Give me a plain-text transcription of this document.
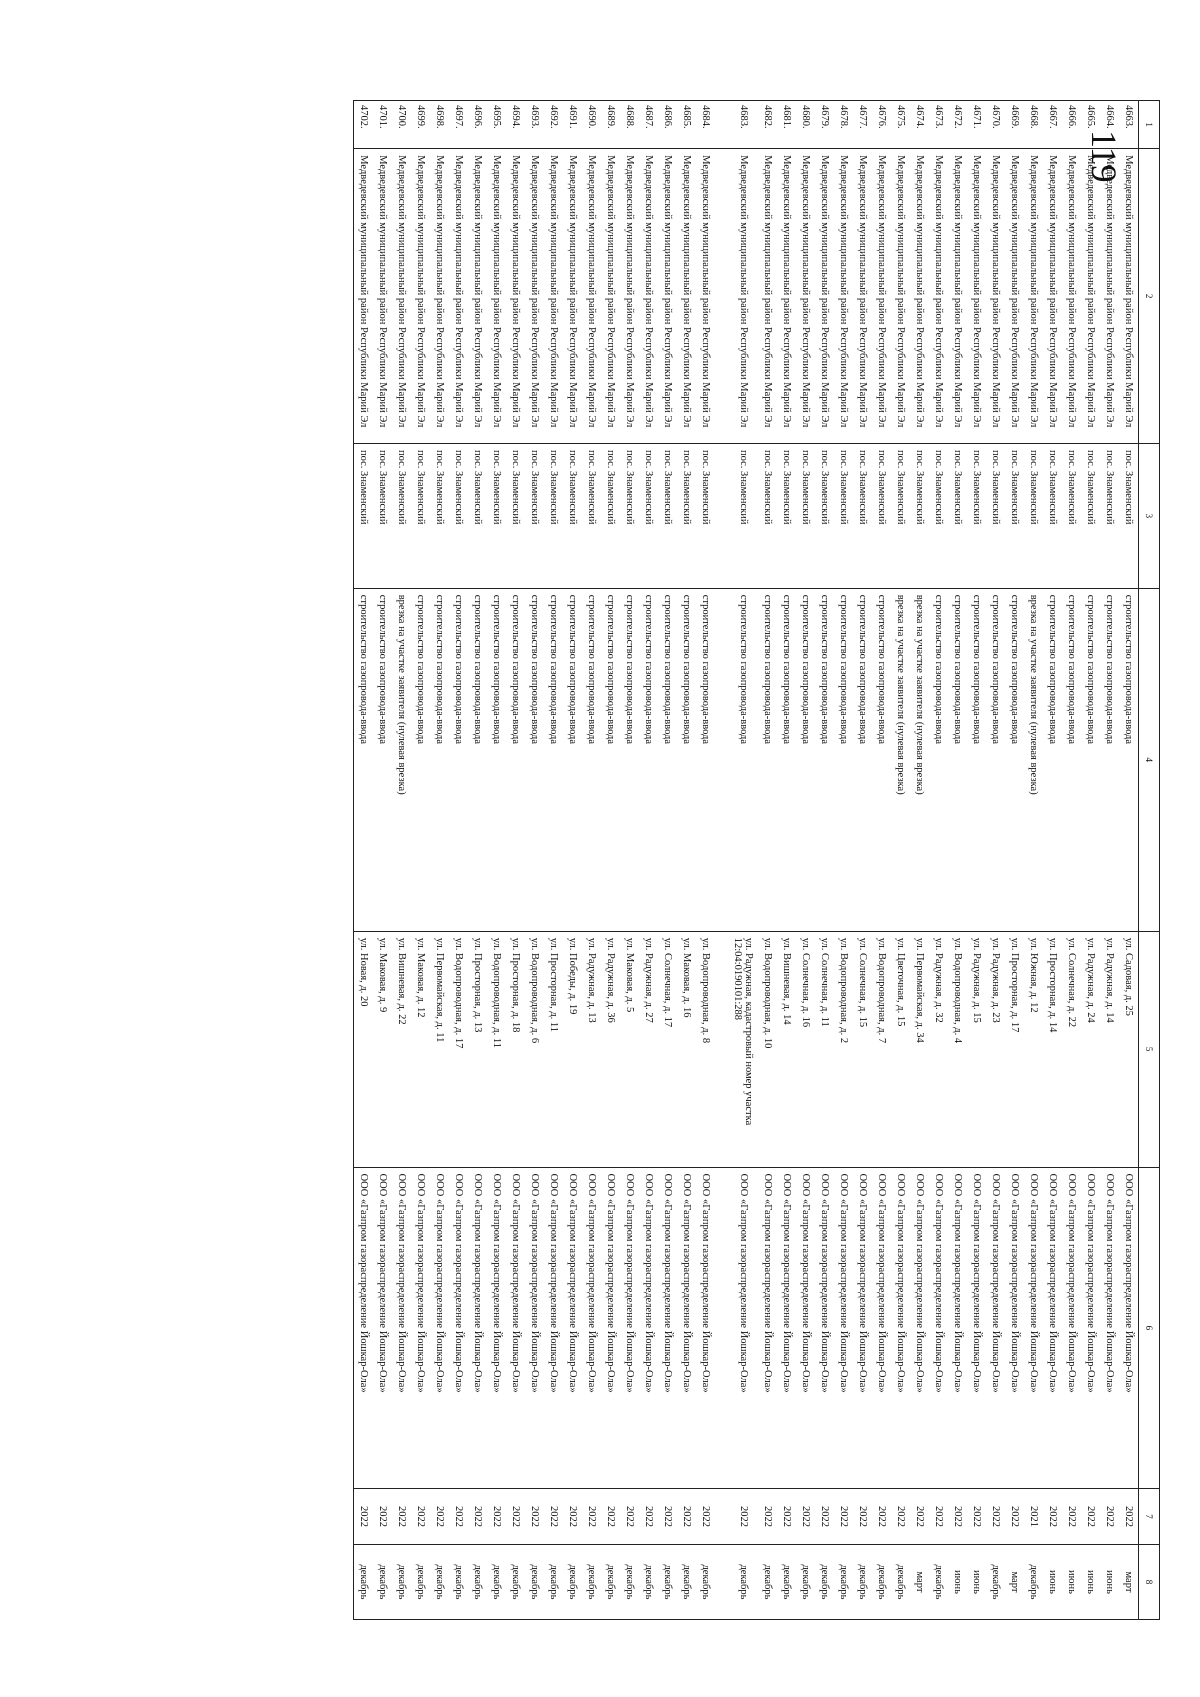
119
1	2	3	4	5	6	7	8
4663.	Медведевский муниципальный район Республики Марий Эл	пос. Знаменский	строительство газопровода-ввода	ул. Садовая, д. 25	ООО «Газпром газораспределение Йошкар-Ола»	2022	март
4664.	Медведевский муниципальный район Республики Марий Эл	пос. Знаменский	строительство газопровода-ввода	ул. Радужная, д. 14	ООО «Газпром газораспределение Йошкар-Ола»	2022	июнь
4665.	Медведевский муниципальный район Республики Марий Эл	пос. Знаменский	строительство газопровода-ввода	ул. Радужная, д. 24	ООО «Газпром газораспределение Йошкар-Ола»	2022	июнь
4666.	Медведевский муниципальный район Республики Марий Эл	пос. Знаменский	строительство газопровода-ввода	ул. Солнечная, д. 22	ООО «Газпром газораспределение Йошкар-Ола»	2022	июнь
4667.	Медведевский муниципальный район Республики Марий Эл	пос. Знаменский	строительство газопровода-ввода	ул. Просторная, д. 14	ООО «Газпром газораспределение Йошкар-Ола»	2022	июнь
4668.	Медведевский муниципальный район Республики Марий Эл	пос. Знаменский	врезка на участке заявителя (нулевая врезка)	ул. Южная, д. 12	ООО «Газпром газораспределение Йошкар-Ола»	2021	декабрь
4669.	Медведевский муниципальный район Республики Марий Эл	пос. Знаменский	строительство газопровода-ввода	ул. Просторная, д. 17	ООО «Газпром газораспределение Йошкар-Ола»	2022	март
4670.	Медведевский муниципальный район Республики Марий Эл	пос. Знаменский	строительство газопровода-ввода	ул. Радужная, д. 23	ООО «Газпром газораспределение Йошкар-Ола»	2022	декабрь
4671.	Медведевский муниципальный район Республики Марий Эл	пос. Знаменский	строительство газопровода-ввода	ул. Радужная, д. 15	ООО «Газпром газораспределение Йошкар-Ола»	2022	июнь
4672.	Медведевский муниципальный район Республики Марий Эл	пос. Знаменский	строительство газопровода-ввода	ул. Водопроводная, д. 4	ООО «Газпром газораспределение Йошкар-Ола»	2022	июнь
4673.	Медведевский муниципальный район Республики Марий Эл	пос. Знаменский	строительство газопровода-ввода	ул. Радужная, д. 32	ООО «Газпром газораспределение Йошкар-Ола»	2022	декабрь
4674.	Медведевский муниципальный район Республики Марий Эл	пос. Знаменский	врезка на участке заявителя (нулевая врезка)	ул. Первомайская, д. 34	ООО «Газпром газораспределение Йошкар-Ола»	2022	март
4675.	Медведевский муниципальный район Республики Марий Эл	пос. Знаменский	врезка на участке заявителя (нулевая врезка)	ул. Цветочная, д. 15	ООО «Газпром газораспределение Йошкар-Ола»	2022	декабрь
4676.	Медведевский муниципальный район Республики Марий Эл	пос. Знаменский	строительство газопровода-ввода	ул. Водопроводная, д. 7	ООО «Газпром газораспределение Йошкар-Ола»	2022	декабрь
4677.	Медведевский муниципальный район Республики Марий Эл	пос. Знаменский	строительство газопровода-ввода	ул. Солнечная, д. 15	ООО «Газпром газораспределение Йошкар-Ола»	2022	декабрь
4678.	Медведевский муниципальный район Республики Марий Эл	пос. Знаменский	строительство газопровода-ввода	ул. Водопроводная, д. 2	ООО «Газпром газораспределение Йошкар-Ола»	2022	декабрь
4679.	Медведевский муниципальный район Республики Марий Эл	пос. Знаменский	строительство газопровода-ввода	ул. Солнечная, д. 11	ООО «Газпром газораспределение Йошкар-Ола»	2022	декабрь
4680.	Медведевский муниципальный район Республики Марий Эл	пос. Знаменский	строительство газопровода-ввода	ул. Солнечная, д. 16	ООО «Газпром газораспределение Йошкар-Ола»	2022	декабрь
4681.	Медведевский муниципальный район Республики Марий Эл	пос. Знаменский	строительство газопровода-ввода	ул. Вишневая, д. 14	ООО «Газпром газораспределение Йошкар-Ола»	2022	декабрь
4682.	Медведевский муниципальный район Республики Марий Эл	пос. Знаменский	строительство газопровода-ввода	ул. Водопроводная, д. 10	ООО «Газпром газораспределение Йошкар-Ола»	2022	декабрь
4683.	Медведевский муниципальный район Республики Марий Эл	пос. Знаменский	строительство газопровода-ввода	ул. Радужная, кадастровый номер участка 12:04:0190101:288	ООО «Газпром газораспределение Йошкар-Ола»	2022	декабрь

4684.	Медведевский муниципальный район Республики Марий Эл	пос. Знаменский	строительство газопровода-ввода	ул. Водопроводная, д. 8	ООО «Газпром газораспределение Йошкар-Ола»	2022	декабрь
4685.	Медведевский муниципальный район Республики Марий Эл	пос. Знаменский	строительство газопровода-ввода	ул. Маковая, д. 16	ООО «Газпром газораспределение Йошкар-Ола»	2022	декабрь
4686.	Медведевский муниципальный район Республики Марий Эл	пос. Знаменский	строительство газопровода-ввода	ул. Солнечная, д. 17	ООО «Газпром газораспределение Йошкар-Ола»	2022	декабрь
4687.	Медведевский муниципальный район Республики Марий Эл	пос. Знаменский	строительство газопровода-ввода	ул. Радужная, д. 27	ООО «Газпром газораспределение Йошкар-Ола»	2022	декабрь
4688.	Медведевский муниципальный район Республики Марий Эл	пос. Знаменский	строительство газопровода-ввода	ул. Маковая, д. 5	ООО «Газпром газораспределение Йошкар-Ола»	2022	декабрь
4689.	Медведевский муниципальный район Республики Марий Эл	пос. Знаменский	строительство газопровода-ввода	ул. Радужная, д. 36	ООО «Газпром газораспределение Йошкар-Ола»	2022	декабрь
4690.	Медведевский муниципальный район Республики Марий Эл	пос. Знаменский	строительство газопровода-ввода	ул. Радужная, д. 13	ООО «Газпром газораспределение Йошкар-Ола»	2022	декабрь
4691.	Медведевский муниципальный район Республики Марий Эл	пос. Знаменский	строительство газопровода-ввода	ул. Победы, д. 19	ООО «Газпром газораспределение Йошкар-Ола»	2022	декабрь
4692.	Медведевский муниципальный район Республики Марий Эл	пос. Знаменский	строительство газопровода-ввода	ул. Просторная, д. 11	ООО «Газпром газораспределение Йошкар-Ола»	2022	декабрь
4693.	Медведевский муниципальный район Республики Марий Эл	пос. Знаменский	строительство газопровода-ввода	ул. Водопроводная, д. 6	ООО «Газпром газораспределение Йошкар-Ола»	2022	декабрь
4694.	Медведевский муниципальный район Республики Марий Эл	пос. Знаменский	строительство газопровода-ввода	ул. Просторная, д. 18	ООО «Газпром газораспределение Йошкар-Ола»	2022	декабрь
4695.	Медведевский муниципальный район Республики Марий Эл	пос. Знаменский	строительство газопровода-ввода	ул. Водопроводная, д. 11	ООО «Газпром газораспределение Йошкар-Ола»	2022	декабрь
4696.	Медведевский муниципальный район Республики Марий Эл	пос. Знаменский	строительство газопровода-ввода	ул. Просторная, д. 13	ООО «Газпром газораспределение Йошкар-Ола»	2022	декабрь
4697.	Медведевский муниципальный район Республики Марий Эл	пос. Знаменский	строительство газопровода-ввода	ул. Водопроводная, д. 17	ООО «Газпром газораспределение Йошкар-Ола»	2022	декабрь
4698.	Медведевский муниципальный район Республики Марий Эл	пос. Знаменский	строительство газопровода-ввода	ул. Первомайская, д. 11	ООО «Газпром газораспределение Йошкар-Ола»	2022	декабрь
4699.	Медведевский муниципальный район Республики Марий Эл	пос. Знаменский	строительство газопровода-ввода	ул. Маковая, д. 12	ООО «Газпром газораспределение Йошкар-Ола»	2022	декабрь
4700.	Медведевский муниципальный район Республики Марий Эл	пос. Знаменский	врезка на участке заявителя (нулевая врезка)	ул. Вишневая, д. 22	ООО «Газпром газораспределение Йошкар-Ола»	2022	декабрь
4701.	Медведевский муниципальный район Республики Марий Эл	пос. Знаменский	строительство газопровода-ввода	ул. Маковая, д. 9	ООО «Газпром газораспределение Йошкар-Ола»	2022	декабрь
4702.	Медведевский муниципальный район Республики Марий Эл	пос. Знаменский	строительство газопровода-ввода	ул. Новая, д. 20	ООО «Газпром газораспределение Йошкар-Ола»	2022	декабрь
